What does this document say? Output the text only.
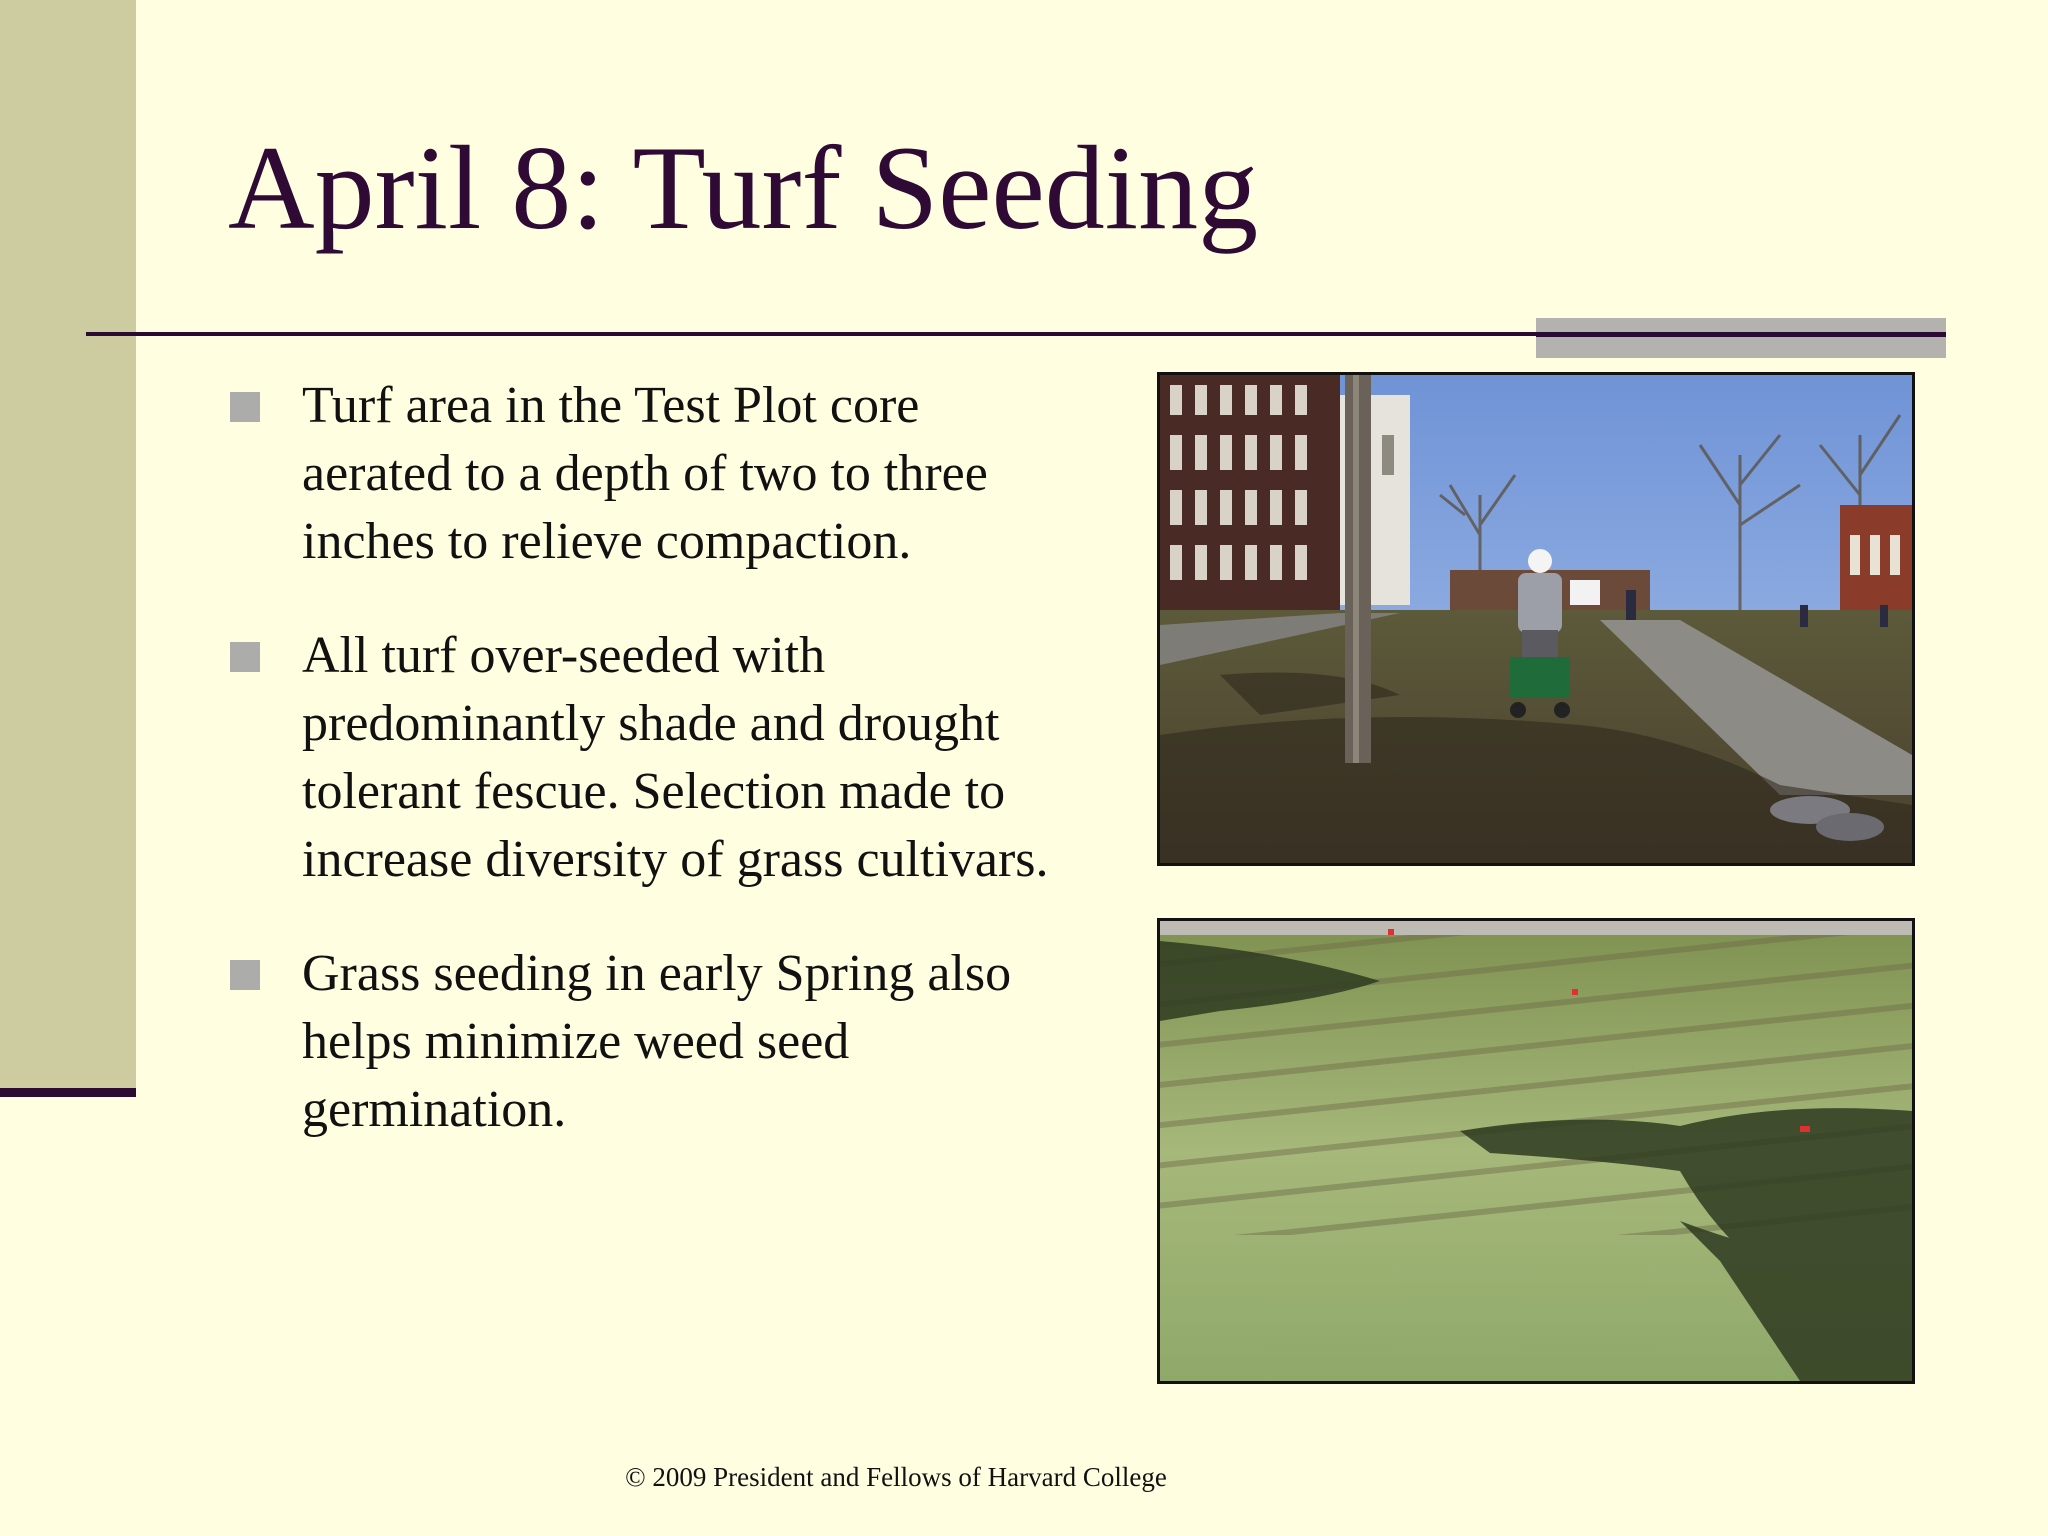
April 8: Turf Seeding
Turf area in the Test Plot core aerated to a depth of two to three inches to relieve compaction.
All turf over-seeded with predominantly shade and drought tolerant fescue. Selection made to increase diversity of grass cultivars.
Grass seeding in early Spring also helps minimize weed seed germination.
© 2009 President and Fellows of Harvard College
